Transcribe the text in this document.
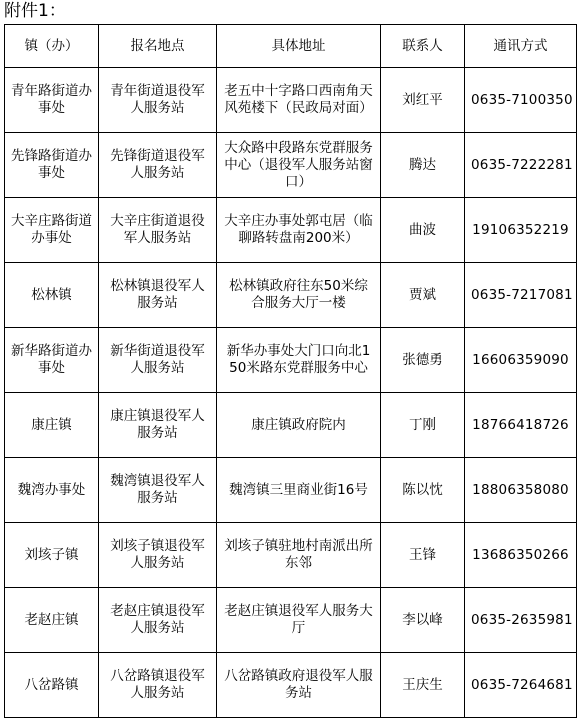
附件1：
镇（办）	报名地点	具体地址	联系人	通讯方式
青年路街道办事处	青年街道退役军人服务站	老五中十字路口西南角天风苑楼下（民政局对面）	刘红平	0635-7100350
先锋路街道办事处	先锋街道退役军人服务站	大众路中段路东党群服务中心（退役军人服务站窗口）	腾达	0635-7222281
大辛庄路街道办事处	大辛庄街道退役军人服务站	大辛庄办事处郭屯居（临聊路转盘南200米）	曲波	19106352219
松林镇	松林镇退役军人服务站	松林镇政府往东50米综合服务大厅一楼	贾斌	0635-7217081
新华路街道办事处	新华街道退役军人服务站	新华办事处大门口向北150米路东党群服务中心	张德勇	16606359090
康庄镇	康庄镇退役军人服务站	康庄镇政府院内	丁刚	18766418726
魏湾办事处	魏湾镇退役军人服务站	魏湾镇三里商业街16号	陈以忱	18806358080
刘垓子镇	刘垓子镇退役军人服务站	刘垓子镇驻地村南派出所东邻	王锋	13686350266
老赵庄镇	老赵庄镇退役军人服务站	老赵庄镇退役军人服务大厅	李以峰	0635-2635981
八岔路镇	八岔路镇退役军人服务站	八岔路镇政府退役军人服务站	王庆生	0635-7264681
